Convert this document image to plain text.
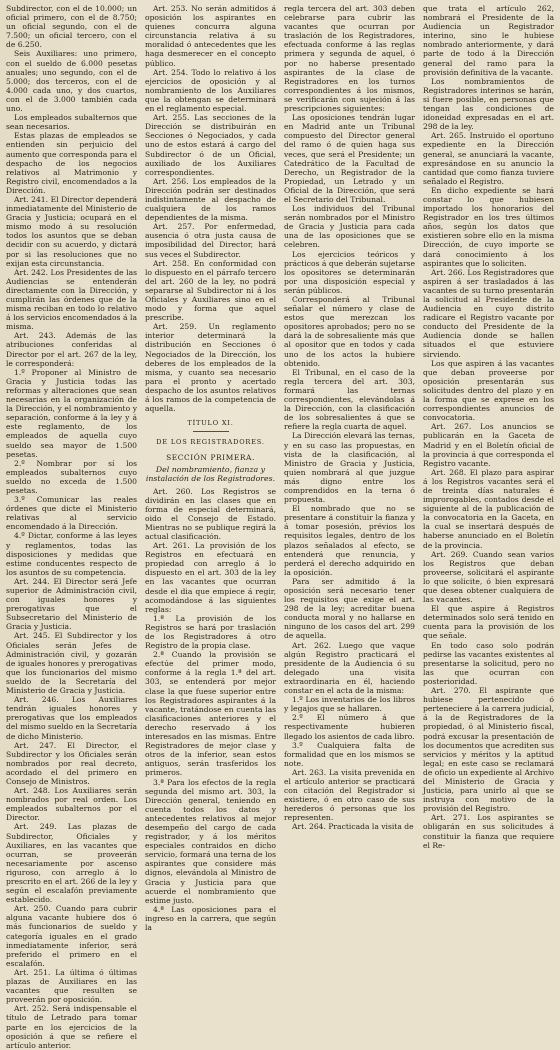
Subdirector, con el de 10.000; un oficial primero, con el de 8.750; un oficial segundo, con el de 7.500; un oficial tercero, con el de 6.250.

Seis Auxiliares: uno primero, con el sueldo de 6.000 pesetas anuales; uno segundo, con el de 5.000; dos terceros, con el de 4.000 cada uno, y dos cuartos, con el de 3.000 también cada uno.

Los empleados subalternos que sean necesarios.

Estas plazas de empleados se entienden sin perjuicio del aumento que corresponda para el despacho de los negocios relativos al Matrimonio y Registro civil, encomendados a la Dirección.

Art. 241. El Director dependerá inmediatamente del Ministerio de Gracia y Justicia; ocupará en el mismo modo á su resolución todos los asuntos que se deban decidir con su acuerdo, y dictará por si las resoluciones que no exijan esta circunstancia.

Art. 242. Los Presidentes de las Audiencias se entenderán directamente con la Dirección, y cumplirán las órdenes que de la misma reciban en todo lo relativo á los servicios encomendados á la misma.

Art. 243. Además de las atribuciones conferidas al Director por el art. 267 de la ley, le corresponderá:

1.º Proponer al Ministro de Gracia y Justicia todas las reformas y alteraciones que sean necesarias en la organización de la Dirección, y el nombramiento y separación, conforme á la ley y á este reglamento, de los empleados de aquella cuyo sueldo sea mayor de 1.500 pesetas.

2.º Nombrar por sí los empleados subalternos cuyo sueldo no exceda de 1.500 pesetas.

3.º Comunicar las reales órdenes que dicte el Ministerio relativas al servicio encomendado á la Dirección.

4.º Dictar, conforme á las leyes y reglamentos, todas las disposiciones y medidas que estime conducentes respecto de los asuntos de su competencia.

Art. 244. El Director será Jefe superior de Administración civil, con iguales honores y prerogativas que el Subsecretario del Ministerio de Gracia y Justicia.

Art. 245. El Subdirector y los Oficiales serán Jefes de Administración civil, y gozarán de iguales honores y prerogativas que los funcionarios del mismo sueldo de la Secretaría del Ministerio de Gracia y Justicia.

Art. 246. Los Auxiliares tendrán iguales honores y prerogativas que los empleados del mismo sueldo en la Secretaría de dicho Ministerio.

Art. 247. El Director, el Subdirector y los Oficiales serán nombrados por real decreto, acordado el del primero en Consejo de Ministros.

Art. 248. Los Auxiliares serán nombrados por real orden. Los empleados subalternos por el Director.

Art. 249. Las plazas de Subdirector, Oficiales y Auxiliares, en las vacantes que ocurran, se proveerán necesariamente por ascenso riguroso, con arreglo á lo prescrito en el art. 266 de la ley y según el escalafón previamente establecido.

Art. 250. Cuando para cubrir alguna vacante hubiere dos ó más funcionarios de sueldo y categoría iguales en el grado inmediatamente inferior, será preferido el primero en el escalafón.

Art. 251. La última ó últimas plazas de Auxiliares en las vacantes que resulten se proveerán por oposición.

Art. 252. Será indispensable el título de Letrado para tomar parte en los ejercicios de la oposición á que se refiere el artículo anterior.

Art. 253. No serán admitidos á oposición los aspirantes en quienes concurra alguna circunstancia relativa á su moralidad ó antecedentes que les haga desmerecer en el concepto público.

Art. 254. Todo lo relativo á los ejercicios de oposición y al nombramiento de los Auxiliares que la obtengan se determinará en el reglamento especial.

Art. 255. Las secciones de la Dirección se distribuirán en Secciones ó Negociados, y cada uno de estos estará á cargo del Subdirector ó de un Oficial, auxiliado de los Auxiliares correspondientes.

Art. 256. Los empleados de la Dirección podrán ser destinados indistintamente al despacho de cualquiera de los ramos dependientes de la misma.

Art. 257. Por enfermedad, ausencia ó otra justa causa de imposibilidad del Director, hará sus veces el Subdirector.

Art. 258. En conformidad con lo dispuesto en el párrafo tercero del art. 260 de la ley, no podrá separarse al Subdirector ni á los Oficiales y Auxiliares sino en el modo y forma que aquel prescribe.

Art. 259. Un reglamento interior determinará la distribución en Secciones ó Negociados de la Dirección, los deberes de los empleados de la misma, y cuanto sea necesario para el pronto y acertado despacho de los asuntos relativos á los ramos de la competencia de aquella.

TÍTULO XI.

DE LOS REGISTRADORES.

SECCIÓN PRIMERA.

Del nombramiento, fianza y instalación de los Registradores.

Art. 260. Los Registros se dividirán en las clases que en forma de especial determinará, oido el Consejo de Estado. Mientras no se publique regirá la actual clasificación.

Art. 261. La provisión de los Registros en efectuará en propiedad con arreglo á lo dispuesto en el art. 303 de la ley en las vacantes que ocurran desde el dia que empiece á regir, acomodándose á las siguientes reglas:

1.ª La provisión de los Registros se hará por traslación de los Registradores á otro Registro de la propia clase.

2.ª Cuando la provisión se efectúe del primer modo, conforme á la regla 1.ª del art. 303, se entenderá por mejor clase la que fuese superior entre los Registradores aspirantes á la vacante, tratándose en cuenta las clasificaciones anteriores y el derecho reservado á los interesados en las mismas. Entre Registradores de mejor clase y otros de la inferior, sean estos antiguos, serán trasferidos los primeros.

3.ª Para los efectos de la regla segunda del mismo art. 303, la Dirección general, teniendo en cuenta todos los datos y antecedentes relativos al mejor desempeño del cargo de cada registrador, y á los méritos especiales contraidos en dicho servicio, formará una terna de los aspirantes que considere más dignos, elevándola al Ministro de Gracia y Justicia para que acuerde el nombramiento que estime justo.

4.ª Las oposiciones para el ingreso en la carrera, que según la

regla tercera del art. 303 deben celebrarse para cubrir las vacantes que ocurran por traslación de los Registradores, efectuada conforme á las reglas primera y segunda de aquel, ó por no haberse presentado aspirantes de la clase de Registradores en los turnos correspondientes á los mismos, se verificarán con sujeción á las prescripciones siguientes:

Las oposiciones tendrán lugar en Madrid ante un Tribunal compuesto del Director general del ramo ó de quien haga sus veces, que será el Presidente; un Catedrático de la Facultad de Derecho, un Registrador de la Propiedad, un Letrado y un Oficial de la Dirección, que será el Secretario del Tribunal.

Los individuos del Tribunal serán nombrados por el Ministro de Gracia y Justicia para cada una de las oposiciones que se celebren.

Los ejercicios teóricos y prácticos á que deberán sujetarse los opositores se determinarán por una disposición especial y serán públicos.

Corresponderá al Tribunal señalar el número y clase de estos que merezcan los opositores aprobados; pero no se dará la de sobresaliente más que al opositor que en todos y cada uno de los actos la hubiere obtenido.

El Tribunal, en el caso de la regla tercera del art. 303, formará las ternas correspondientes, elevándolas á la Dirección, con la clasificación de los sobresalientes á que se refiere la regla cuarta de aquel.

La Dirección elevará las ternas, y en su caso las propuestas, en vista de la clasificación, al Ministro de Gracia y Justicia, quien nombrará al que juzgue más digno entre los comprendidos en la terna ó propuesta.

El nombrado que no se presentare á constituir la fianza y á tomar posesión, prévios los requisitos legales, dentro de los plazos señalados al efecto, se entenderá que renuncia, y perderá el derecho adquirido en la oposición.

Para ser admitido á la oposición será necesario tener los requisitos que exige el art. 298 de la ley; acreditar buena conducta moral y no hallarse en ninguno de los casos del art. 299 de aquella.

Art. 262. Luego que vaque algún Registro practicará el presidente de la Audiencia ó su delegado una visita extraordinaria en él, haciendo constar en el acta de la misma:

1.º Los inventarios de los libros y legajos que se hallaren.

2.º El número á que respectivamente hubieren llegado los asientos de cada libro.

3.º Cualquiera falta de formalidad que en los mismos se note.

Art. 263. La visita prevenida en el artículo anterior se practicará con citación del Registrador si existiere, ó en otro caso de sus herederos ó personas que los representen.

Art. 264. Practicada la visita de

que trata el artículo 262, nombrará el Presidente de la Audiencia un Registrador interino, sino le hubiese nombrado anteriormente, y dará parte de todo á la Dirección general del ramo para la provisión definitiva de la vacante.

Los nombramientos de Registradores interinos se harán, si fuere posible, en personas que tengan las condiciones de idoneidad expresadas en el art. 298 de la ley.

Art. 265. Instruido el oportuno expediente en la Dirección general, se anunciará la vacante, expresándose en su anuncio la cantidad que como fianza tuviere señalado el Registro.

En dicho expediente se hará constar lo que hubiesen importado los honorarios del Registrador en los tres últimos años, según los datos que existieren sobre ello en la misma Dirección, de cuyo importe se dará conocimiento á los aspirantes que lo soliciten.

Art. 266. Los Registradores que aspiren á ser trasladados á las vacantes de su turno presentarán la solicitud al Presidente de la Audiencia en cuyo distrito radicare el Registro vacante por conducto del Presidente de la Audiencia donde se hallen situados el que estuviere sirviendo.

Los que aspiren á las vacantes que deban proveerse por oposición presentarán sus solicitudes dentro del plazo y en la forma que se exprese en los correspondientes anuncios de convocatoria.

Art. 267. Los anuncios se publicarán en la Gaceta de Madrid y en el Boletín oficial de la provincia á que corresponda el Registro vacante.

Art. 268. El plazo para aspirar á los Registros vacantes será el de treinta días naturales é improrogables, contados desde el siguiente al de la publicación de la convocatoria en la Gaceta, en la cual se insertará después de haberse anunciado en el Boletín de la provincia.

Art. 269. Cuando sean varios los Registros que deban proveerse, solicitará el aspirante lo que solicite, ó bien expresará que desea obtener cualquiera de las vacantes.

El que aspire á Registros determinados solo será tenido en cuenta para la provisión de los que señale.

En todo caso solo podrán pedirse las vacantes existentes al presentarse la solicitud, pero no las que ocurran con posterioridad.

Art. 270. El aspirante que hubiese pertenecido ó perteneciere á la carrera judicial, á la de Registradores de la propiedad, ó al Ministerio fiscal, podrá excusar la presentación de los documentos que acrediten sus servicios y méritos y la aptitud legal; en este caso se reclamará de oficio un expediente al Archivo del Ministerio de Gracia y Justicia, para unirlo al que se instruya con motivo de la provisión del Registro.

Art. 271. Los aspirantes se obligarán en sus solicitudes á constituir la fianza que requiere el Re-
